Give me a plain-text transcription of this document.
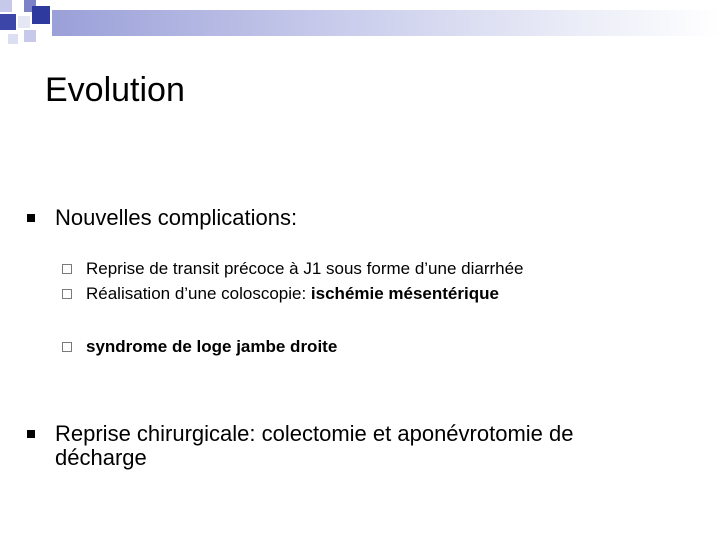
Evolution
Nouvelles complications:
Reprise de transit précoce à J1 sous forme d’une diarrhée
Réalisation d’une coloscopie: ischémie mésentérique
syndrome de loge jambe droite
Reprise chirurgicale: colectomie et aponévrotomie de décharge
